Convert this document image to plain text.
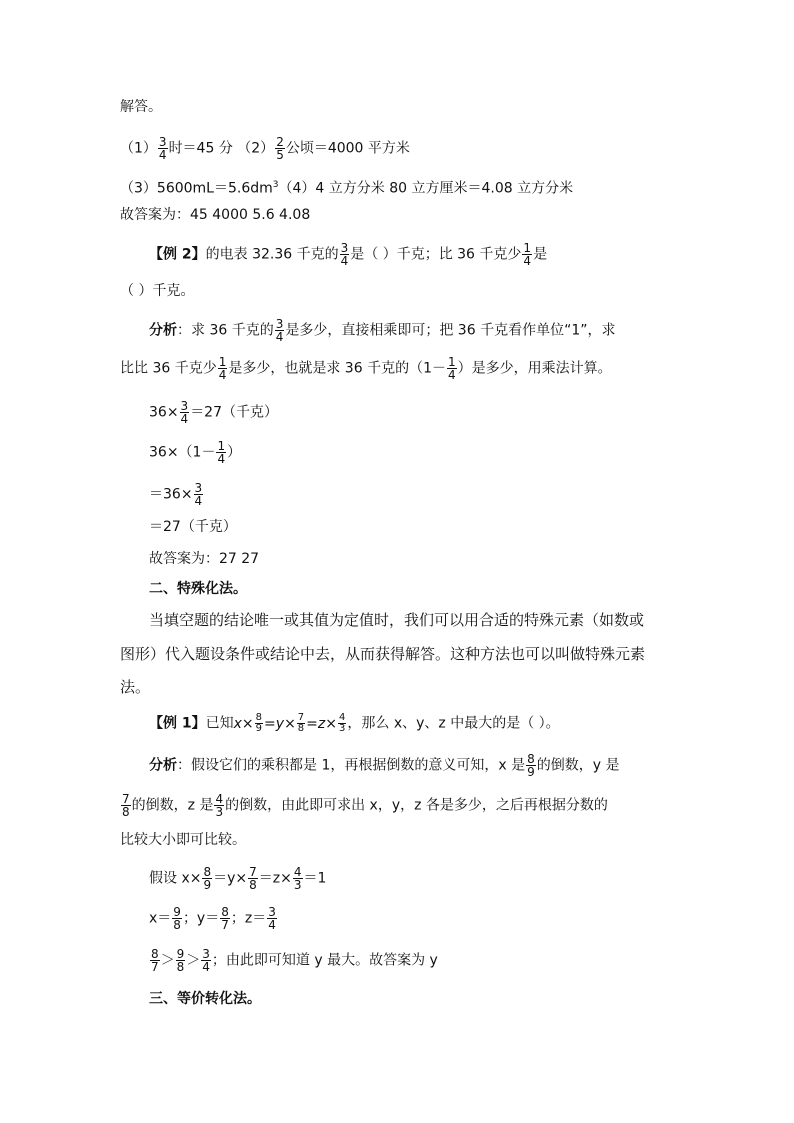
解答。
$(1) \frac{3}{4}$ 时＝45 分 $(2) \frac{2}{5}$ 公顷＝4000 平方米
$(3)5600mL=5.6dm^3(4)4$ 立方分米 80 立方厘米＝4.08 立方分米
故答案为：45 4000 5.6 4.08
【例 2】的电表 32.36 千克的 $\frac{3}{4}$ 是（ ）千克；比 36 千克少 $\frac{1}{4}$ 是
（ ）千克。
分析：求 36 千克的 $\frac{3}{4}$ 是多少，直接相乘即可；把 36 千克看作单位“1”，求
比比 36 千克少 $\frac{1}{4}$ 是多少，也就是求 36 千克的（$1- \frac{1}{4}$ ）是多少，用乘法计算。
$36\times \frac{3}{4} =27$（千克）
$36\times(1- \frac{1}{4}$ ）
$=36\times \frac{3}{4}$
＝27（千克）
故答案为：27 27
二、特殊化法。
当填空题的结论唯一或其值为定值时，我们可以用合适的特殊元素（如数或
图形）代入题设条件或结论中去，从而获得解答。这种方法也可以叫做特殊元素
法。
【例 1】已知$x\times \frac{8}{9} =y\times \frac{7}{8} =z\times \frac{4}{3}$ ，那么 x、y、z 中最大的是（ ）。
分析：假设它们的乘积都是 1，再根据倒数的意义可知，x 是 $\frac{8}{9}$ 的倒数，y 是
$\frac{7}{8}$ 的倒数，z 是 $\frac{4}{3}$ 的倒数，由此即可求出 x，y，z 各是多少，之后再根据分数的
比较大小即可比较。
假设 $x\times \frac{8}{9} =y\times \frac{7}{8} =z\times \frac{4}{3} =1$
$x= \frac{9}{8}$ ；$y= \frac{8}{7}$ ；$z= \frac{3}{4}$
$\frac{8}{7} > \frac{9}{8} > \frac{3}{4}$ ；由此即可知道 y 最大。故答案为 y
三、等价转化法。
